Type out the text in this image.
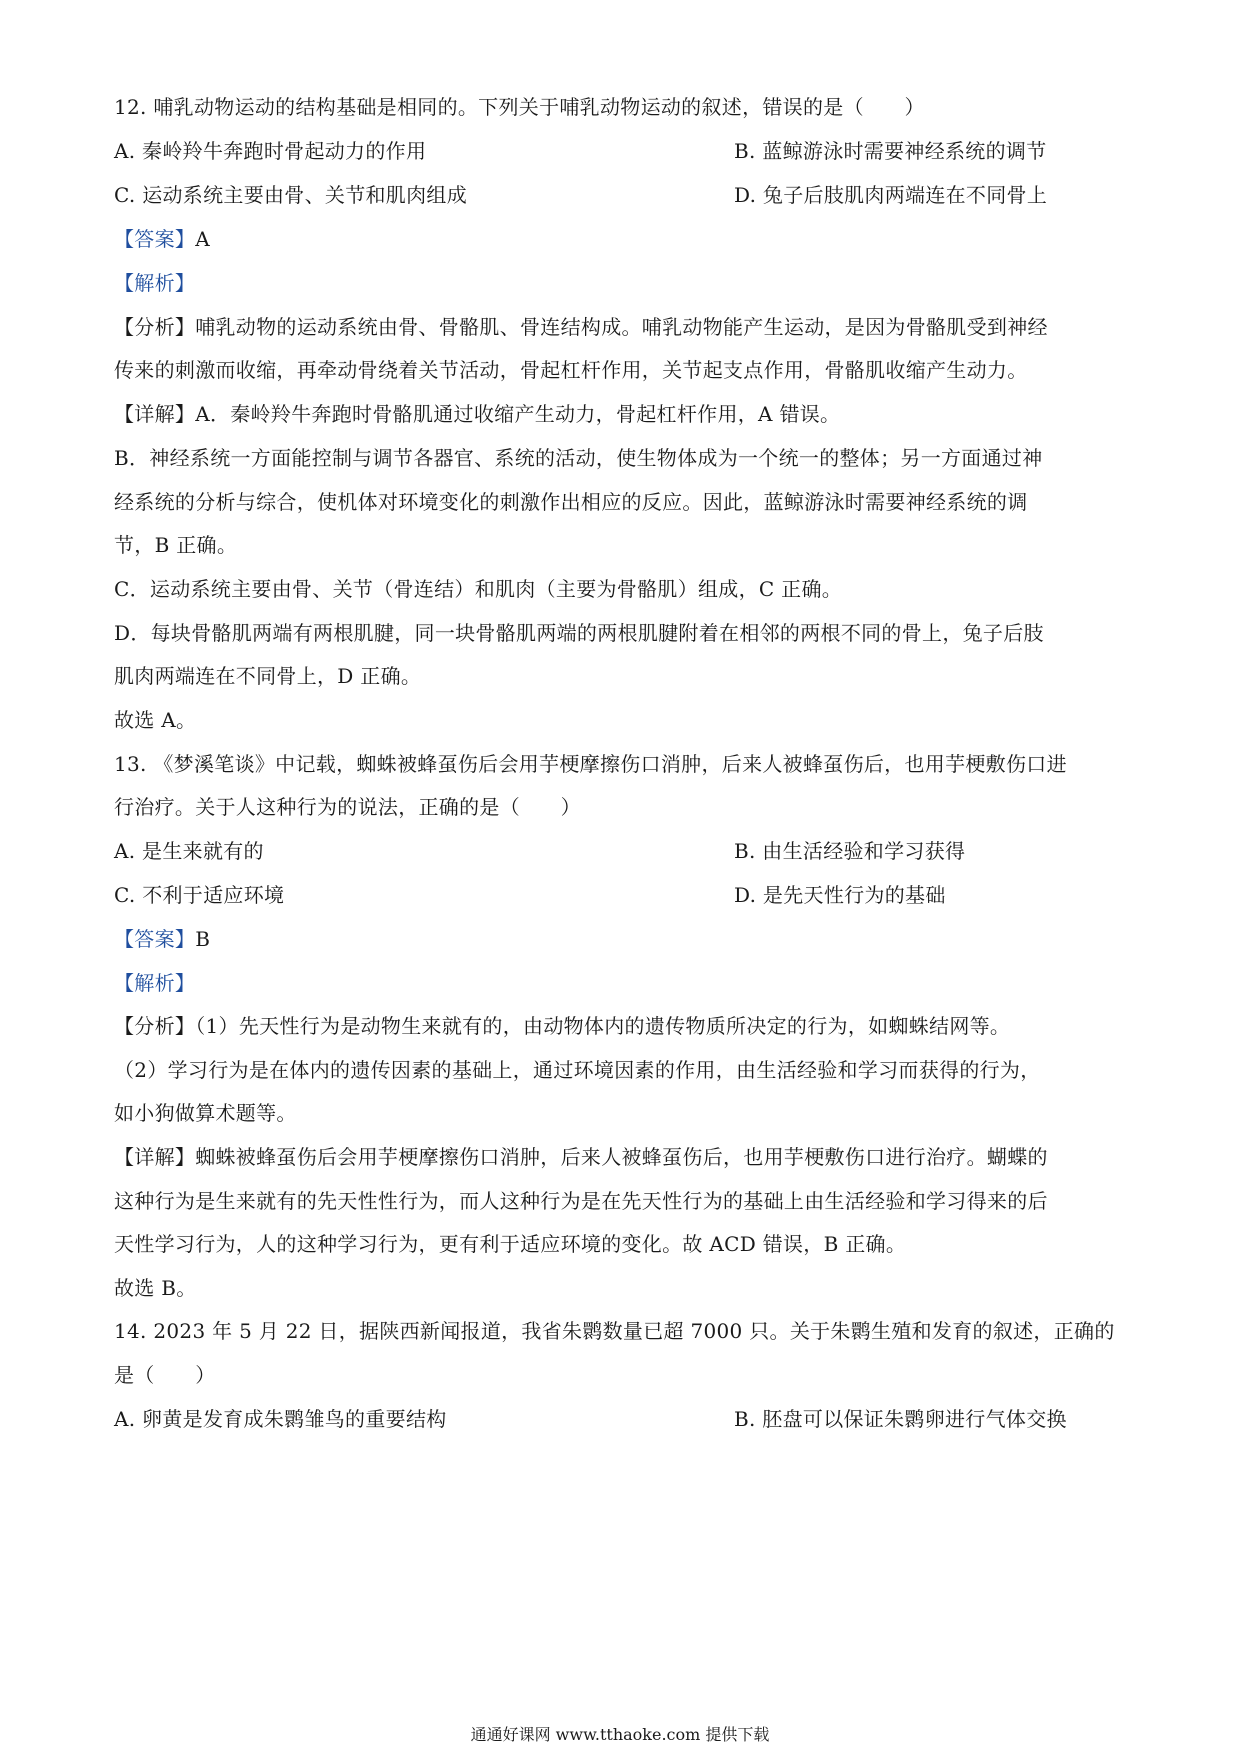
12. 哺乳动物运动的结构基础是相同的。下列关于哺乳动物运动的叙述，错误的是（　　）
A. 秦岭羚牛奔跑时骨起动力的作用	B. 蓝鲸游泳时需要神经系统的调节
C. 运动系统主要由骨、关节和肌肉组成	D. 兔子后肢肌肉两端连在不同骨上
【答案】A
【解析】
【分析】哺乳动物的运动系统由骨、骨骼肌、骨连结构成。哺乳动物能产生运动，是因为骨骼肌受到神经
传来的刺激而收缩，再牵动骨绕着关节活动，骨起杠杆作用，关节起支点作用，骨骼肌收缩产生动力。
【详解】A．秦岭羚牛奔跑时骨骼肌通过收缩产生动力，骨起杠杆作用，A 错误。
B．神经系统一方面能控制与调节各器官、系统的活动，使生物体成为一个统一的整体；另一方面通过神
经系统的分析与综合，使机体对环境变化的刺激作出相应的反应。因此，蓝鲸游泳时需要神经系统的调
节，B 正确。
C．运动系统主要由骨、关节（骨连结）和肌肉（主要为骨骼肌）组成，C 正确。
D．每块骨骼肌两端有两根肌腱，同一块骨骼肌两端的两根肌腱附着在相邻的两根不同的骨上，兔子后肢
肌肉两端连在不同骨上，D 正确。
故选 A。
13. 《梦溪笔谈》中记载，蜘蛛被蜂虿伤后会用芋梗摩擦伤口消肿，后来人被蜂虿伤后，也用芋梗敷伤口进
行治疗。关于人这种行为的说法，正确的是（　　）
A. 是生来就有的	B. 由生活经验和学习获得
C. 不利于适应环境	D. 是先天性行为的基础
【答案】B
【解析】
【分析】（1）先天性行为是动物生来就有的，由动物体内的遗传物质所决定的行为，如蜘蛛结网等。
（2）学习行为是在体内的遗传因素的基础上，通过环境因素的作用，由生活经验和学习而获得的行为，
如小狗做算术题等。
【详解】蜘蛛被蜂虿伤后会用芋梗摩擦伤口消肿，后来人被蜂虿伤后，也用芋梗敷伤口进行治疗。蝴蝶的
这种行为是生来就有的先天性性行为，而人这种行为是在先天性行为的基础上由生活经验和学习得来的后
天性学习行为，人的这种学习行为，更有利于适应环境的变化。故 ACD 错误，B 正确。
故选 B。
14. 2023 年 5 月 22 日，据陕西新闻报道，我省朱鹮数量已超 7000 只。关于朱鹮生殖和发育的叙述，正确的
是（　　）
A. 卵黄是发育成朱鹮雏鸟的重要结构	B. 胚盘可以保证朱鹮卵进行气体交换
通通好课网 www.tthaoke.com 提供下载
